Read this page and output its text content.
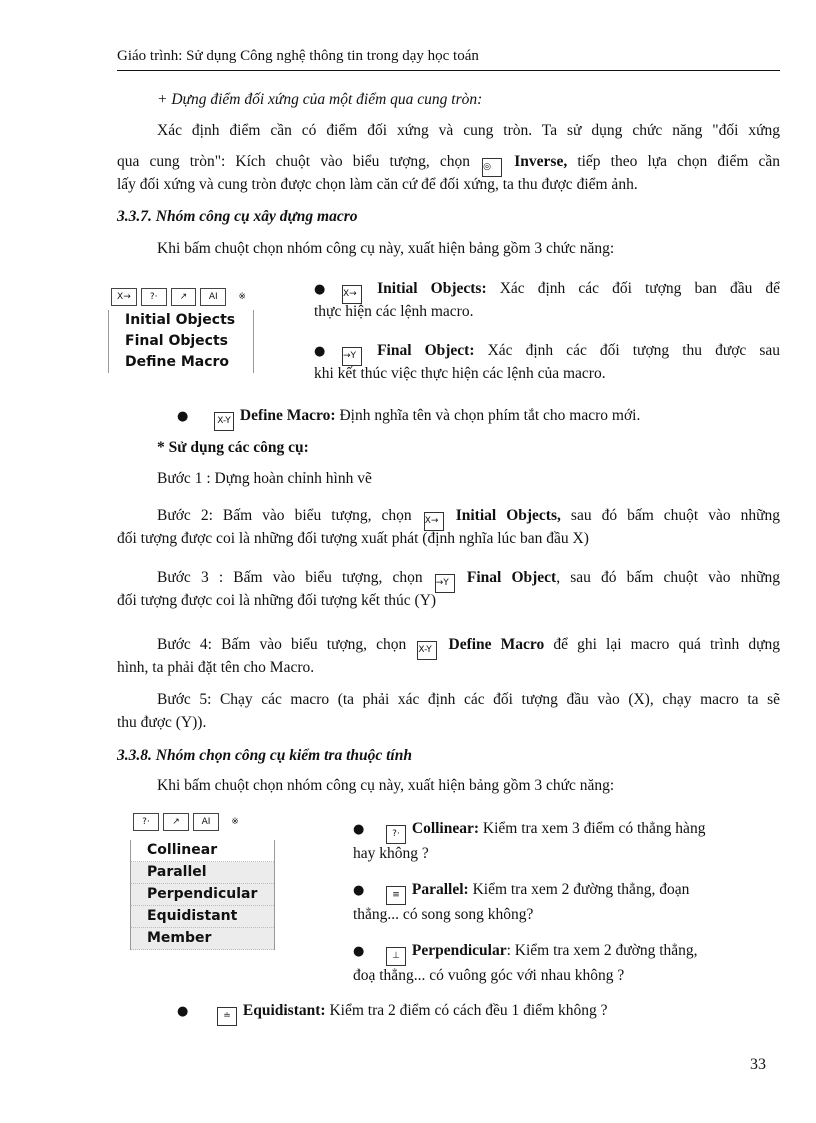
Giáo trình: Sử dụng Công nghệ thông tin trong dạy học toán

+ Dựng điểm đối xứng của một điểm qua cung tròn:

Xác định điểm cần có điểm đối xứng và cung tròn. Ta sử dụng chức năng "đối xứng

qua cung tròn": Kích chuột vào biểu tượng, chọn ◎ Inverse, tiếp theo lựa chọn điểm cần

lấy đối xứng và cung tròn được chọn làm căn cứ để đối xứng, ta thu được điểm ảnh.

3.3.7. Nhóm công cụ xây dựng macro

Khi bấm chuột chọn nhóm công cụ này, xuất hiện bảng gồm 3 chức năng:

X→	?·	↗	AI	※
Initial Objects
Final Objects
Define Macro
●	X→ Initial Objects: Xác định các đối tượng ban đầu để

thực hiện các lệnh macro.

●	→Y Final Object: Xác định các đối tượng thu được sau

khi kết thúc việc thực hiện các lệnh của macro.

●	X-Y Define Macro: Định nghĩa tên và chọn phím tắt cho macro mới.

* Sử dụng các công cụ:

Bước 1 : Dựng hoàn chỉnh hình vẽ

Bước 2: Bấm vào biểu tượng, chọn X→ Initial Objects, sau đó bấm chuột vào những

đối tượng được coi là những đối tượng xuất phát (định nghĩa lúc ban đầu X)

Bước 3 : Bấm vào biểu tượng, chọn →Y Final Object, sau đó bấm chuột vào những

đối tượng được coi là những đối tượng kết thúc (Y)

Bước 4: Bấm vào biểu tượng, chọn X-Y Define Macro để ghi lại macro quá trình dựng

hình, ta phải đặt tên cho Macro.

Bước 5: Chạy các macro (ta phải xác định các đối tượng đầu vào (X), chạy macro ta sẽ

thu được (Y)).

3.3.8. Nhóm chọn công cụ kiểm tra thuộc tính

Khi bấm chuột chọn nhóm công cụ này, xuất hiện bảng gồm 3 chức năng:

?·	↗	AI	※
Collinear
Parallel
Perpendicular
Equidistant
Member
●	?· Collinear: Kiểm tra xem 3 điểm có thẳng hàng

hay không ?

●	≡ Parallel: Kiểm tra xem 2 đường thẳng, đoạn

thẳng... có song song không?

●	⊥ Perpendicular: Kiểm tra xem 2 đường thẳng,

đoạ thẳng... có vuông góc với nhau không ?

●	≐ Equidistant: Kiểm tra 2 điểm có cách đều 1 điểm không ?

33
